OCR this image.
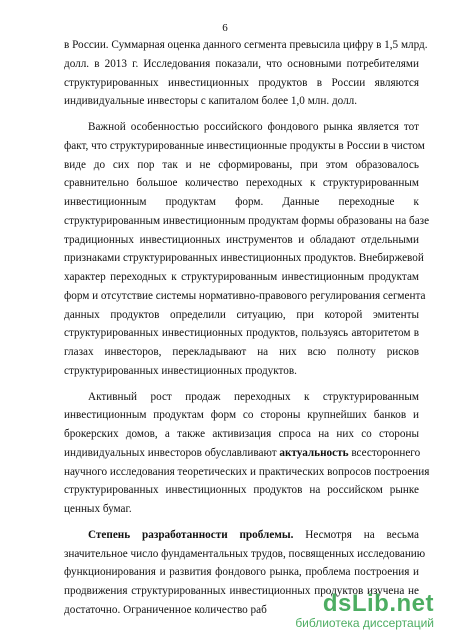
6
в России. Суммарная оценка данного сегмента превысила цифру в 1,5 млрд.
долл. в 2013 г. Исследования показали, что основными потребителями
структурированных инвестиционных продуктов в России являются
индивидуальные инвесторы с капиталом более 1,0 млн. долл.
Важной особенностью российского фондового рынка является тот
факт, что структурированные инвестиционные продукты в России в чистом
виде до сих пор так и не сформированы, при этом образовалось
сравнительно большое количество переходных к структурированным
инвестиционным продуктам форм. Данные переходные к
структурированным инвестиционным продуктам формы образованы на базе
традиционных инвестиционных инструментов и обладают отдельными
признаками структурированных инвестиционных продуктов. Внебиржевой
характер переходных к структурированным инвестиционным продуктам
форм и отсутствие системы нормативно-правового регулирования сегмента
данных продуктов определили ситуацию, при которой эмитенты
структурированных инвестиционных продуктов, пользуясь авторитетом в
глазах инвесторов, перекладывают на них всю полноту рисков
структурированных инвестиционных продуктов.
Активный рост продаж переходных к структурированным
инвестиционным продуктам форм со стороны крупнейших банков и
брокерских домов, а также активизация спроса на них со стороны
индивидуальных инвесторов обуславливают актуальность всестороннего
научного исследования теоретических и практических вопросов построения
структурированных инвестиционных продуктов на российском рынке
ценных бумаг.
Степень разработанности проблемы. Несмотря на весьма
значительное число фундаментальных трудов, посвященных исследованию
функционирования и развития фондового рынка, проблема построения и
продвижения структурированных инвестиционных продуктов изучена не
достаточно. Ограниченное количество раб	dsLib.net
библиотека диссертаций
